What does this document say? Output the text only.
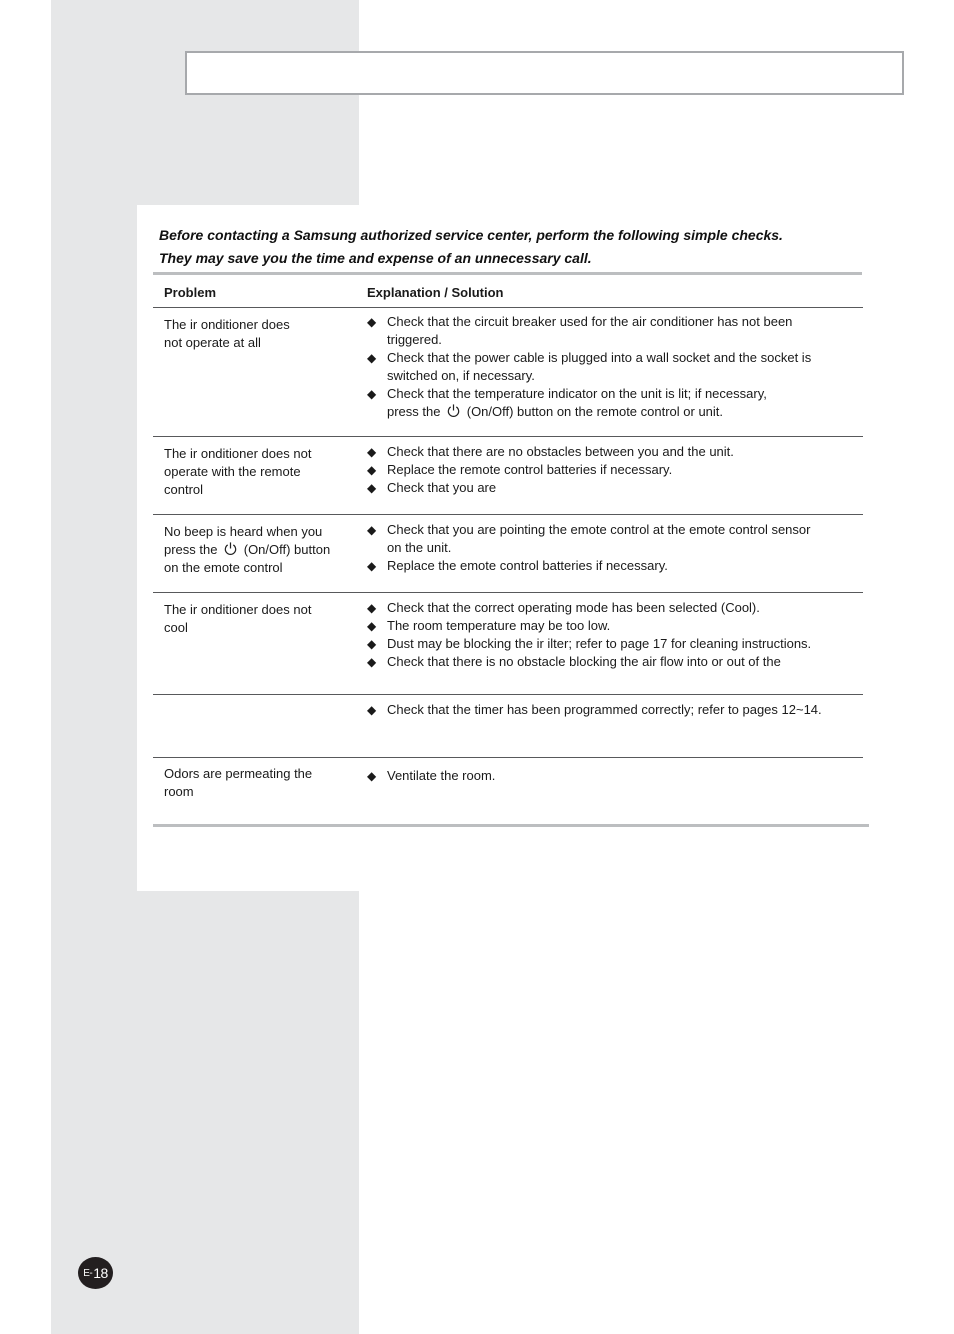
Before contacting a Samsung authorized service center, perform the following simple checks.

They may save you the time and expense of an unnecessary call.

Problem	Explanation / Solution
The ir onditioner does
not operate at all
◆ Check that the circuit breaker used for the air conditioner has not been
triggered.
◆ Check that the power cable is plugged into a wall socket and the socket is
switched on, if necessary.
◆ Check that the temperature indicator on the unit is lit; if necessary,
press the (On/Off) button on the remote control or unit.
The ir onditioner does not
operate with the remote
control
◆ Check that there are no obstacles between you and the unit.
◆ Replace the remote control batteries if necessary.
◆ Check that you are
No beep is heard when you
press the (On/Off) button
on the emote control
◆ Check that you are pointing the emote control at the emote control sensor
on the unit.
◆ Replace the emote control batteries if necessary.
The ir onditioner does not
cool
◆ Check that the correct operating mode has been selected (Cool).
◆ The room temperature may be too low.
◆ Dust may be blocking the ir ilter; refer to page 17 for cleaning instructions.
◆ Check that there is no obstacle blocking the air flow into or out of the
◆ Check that the timer has been programmed correctly; refer to pages 12~14.
Odors are permeating the
room
◆ Ventilate the room.
E- 18
